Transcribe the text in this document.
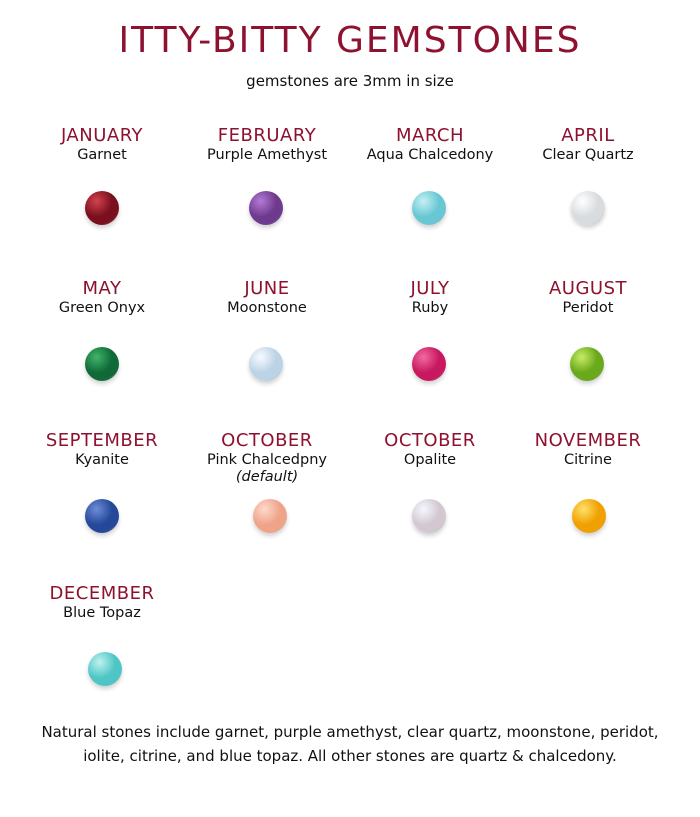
ITTY-BITTY GEMSTONES
gemstones are 3mm in size
JANUARY
Garnet
FEBRUARY
Purple Amethyst
MARCH
Aqua Chalcedony
APRIL
Clear Quartz
MAY
Green Onyx
JUNE
Moonstone
JULY
Ruby
AUGUST
Peridot
SEPTEMBER
Kyanite
OCTOBER
Pink Chalcedpny
(default)
OCTOBER
Opalite
NOVEMBER
Citrine
DECEMBER
Blue Topaz
Natural stones include garnet, purple amethyst, clear quartz, moonstone, peridot, iolite, citrine, and blue topaz. All other stones are quartz & chalcedony.
